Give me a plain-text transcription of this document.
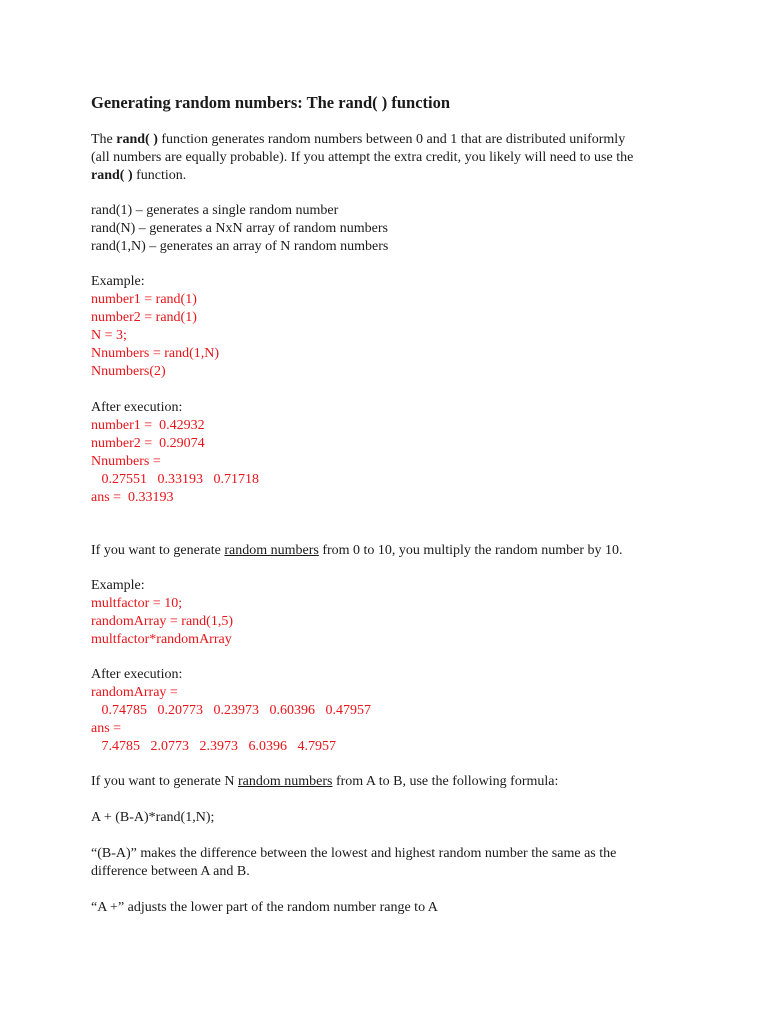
Generating random numbers: The rand( ) function
The rand( ) function generates random numbers between 0 and 1 that are distributed uniformly
(all numbers are equally probable). If you attempt the extra credit, you likely will need to use the
rand( ) function.
rand(1) – generates a single random number
rand(N) – generates a NxN array of random numbers
rand(1,N) – generates an array of N random numbers
Example:
number1 = rand(1)
number2 = rand(1)
N = 3;
Nnumbers = rand(1,N)
Nnumbers(2)
After execution:
number1 =  0.42932
number2 =  0.29074
Nnumbers =
0.27551   0.33193   0.71718
ans =  0.33193
If you want to generate random numbers from 0 to 10, you multiply the random number by 10.
Example:
multfactor = 10;
randomArray = rand(1,5)
multfactor*randomArray
After execution:
randomArray =
0.74785   0.20773   0.23973   0.60396   0.47957
ans =
7.4785   2.0773   2.3973   6.0396   4.7957
If you want to generate N random numbers from A to B, use the following formula:
A + (B-A)*rand(1,N);
“(B-A)” makes the difference between the lowest and highest random number the same as the
difference between A and B.
“A +” adjusts the lower part of the random number range to A
